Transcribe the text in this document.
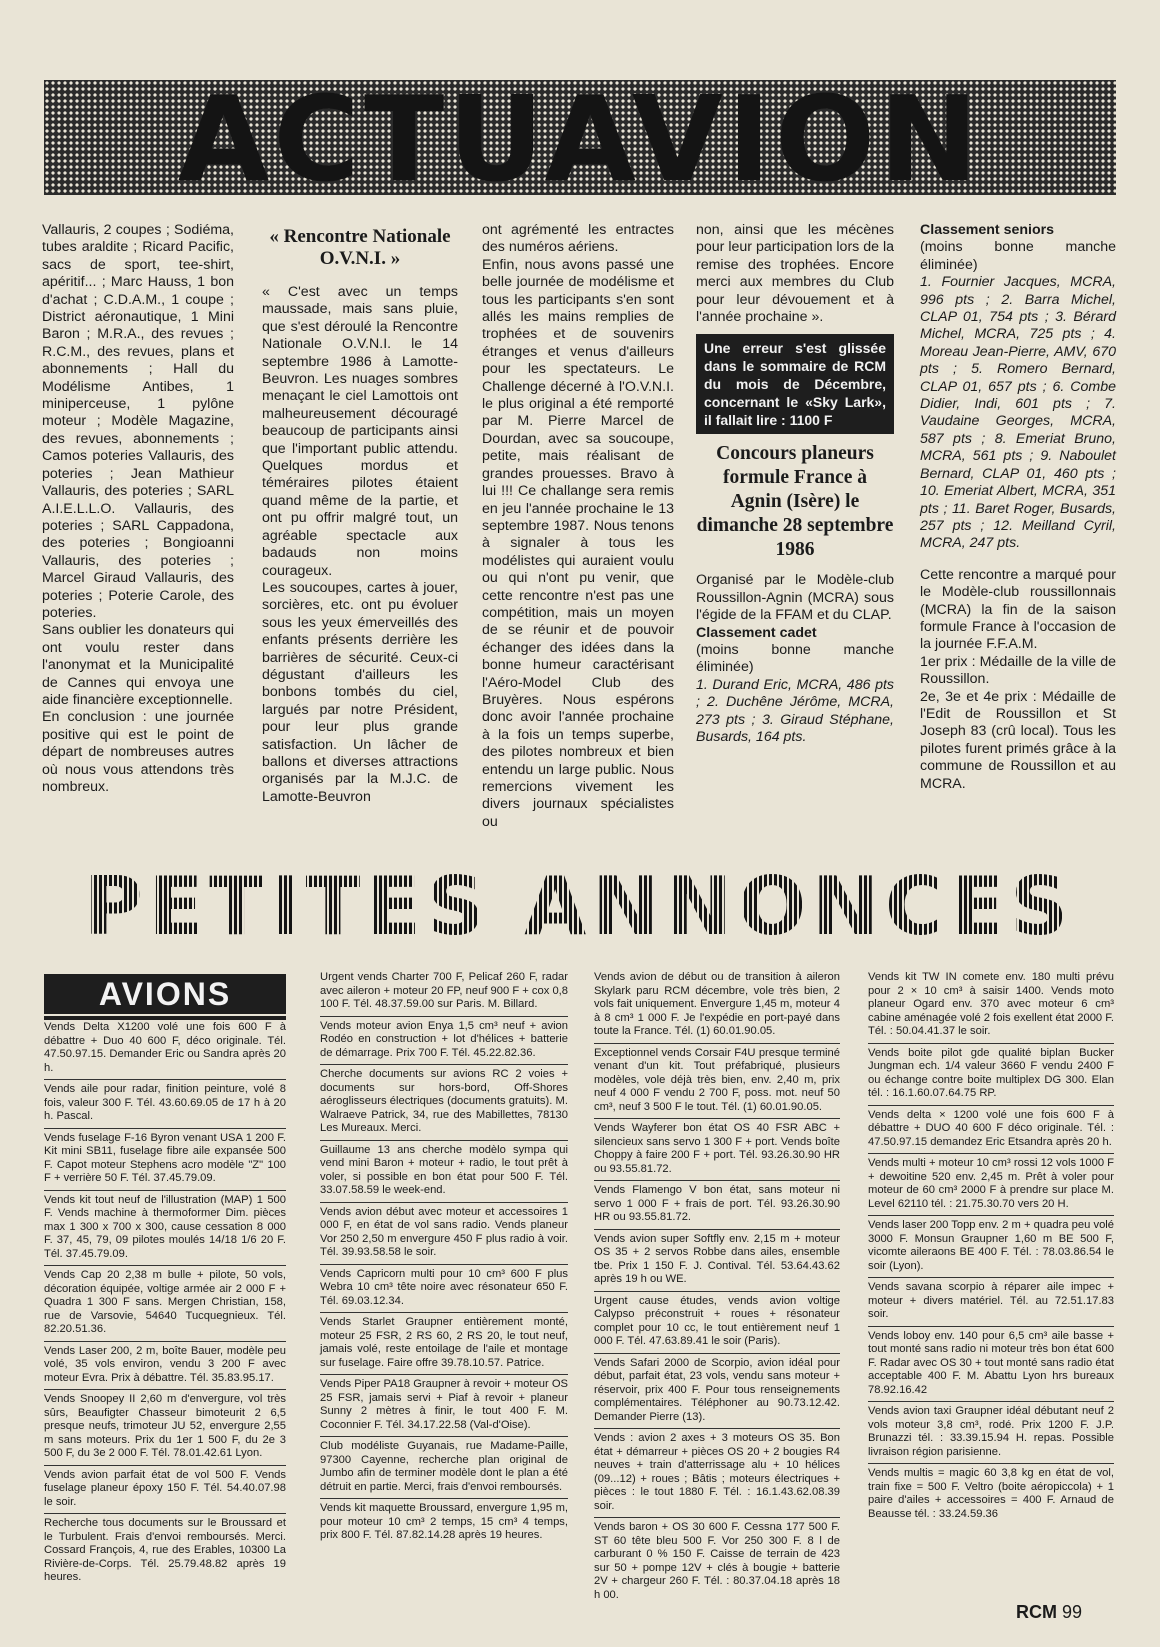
ACTUAVION

Vallauris, 2 coupes ; Sodiéma, tubes araldite ; Ricard Pacific, sacs de sport, tee-shirt, apéritif... ; Marc Hauss, 1 bon d'achat ; C.D.A.M., 1 coupe ; District aéronautique, 1 Mini Baron ; M.R.A., des revues ; R.C.M., des revues, plans et abonnements ; Hall du Modélisme Antibes, 1 miniperceuse, 1 pylône moteur ; Modèle Magazine, des revues, abonnements ; Camos poteries Vallauris, des poteries ; Jean Mathieur Vallauris, des poteries ; SARL A.I.E.L.L.O. Vallauris, des poteries ; SARL Cappadona, des poteries ; Bongioanni Vallauris, des poteries ; Marcel Giraud Vallauris, des poteries ; Poterie Carole, des poteries.

Sans oublier les donateurs qui ont voulu rester dans l'anonymat et la Municipalité de Cannes qui envoya une aide financière exceptionnelle.

En conclusion : une journée positive qui est le point de départ de nombreuses autres où nous vous attendons très nombreux.

« Rencontre Nationale O.V.N.I. »

« C'est avec un temps maussade, mais sans pluie, que s'est déroulé la Rencontre Nationale O.V.N.I. le 14 septembre 1986 à Lamotte-Beuvron. Les nuages sombres menaçant le ciel Lamottois ont malheureusement découragé beaucoup de participants ainsi que l'important public attendu. Quelques mordus et téméraires pilotes étaient quand même de la partie, et ont pu offrir malgré tout, un agréable spectacle aux badauds non moins courageux.

Les soucoupes, cartes à jouer, sorcières, etc. ont pu évoluer sous les yeux émerveillés des enfants présents derrière les barrières de sécurité. Ceux-ci dégustant d'ailleurs les bonbons tombés du ciel, largués par notre Président, pour leur plus grande satisfaction. Un lâcher de ballons et diverses attractions organisés par la M.J.C. de Lamotte-Beuvron

ont agrémenté les entractes des numéros aériens.

Enfin, nous avons passé une belle journée de modélisme et tous les participants s'en sont allés les mains remplies de trophées et de souvenirs étranges et venus d'ailleurs pour les spectateurs. Le Challenge décerné à l'O.V.N.I. le plus original a été remporté par M. Pierre Marcel de Dourdan, avec sa soucoupe, petite, mais réalisant de grandes prouesses. Bravo à lui !!! Ce challange sera remis en jeu l'année prochaine le 13 septembre 1987. Nous tenons à signaler à tous les modélistes qui auraient voulu ou qui n'ont pu venir, que cette rencontre n'est pas une compétition, mais un moyen de se réunir et de pouvoir échanger des idées dans la bonne humeur caractérisant l'Aéro-Model Club des Bruyères. Nous espérons donc avoir l'année prochaine à la fois un temps superbe, des pilotes nombreux et bien entendu un large public. Nous remercions vivement les divers journaux spécialistes ou

non, ainsi que les mécènes pour leur participation lors de la remise des trophées. Encore merci aux membres du Club pour leur dévouement et à l'année prochaine ».

Une erreur s'est glissée dans le sommaire de RCM du mois de Décembre, concernant le «Sky Lark», il fallait lire : 1100 F
Concours planeurs formule France à Agnin (Isère) le dimanche 28 septembre 1986

Organisé par le Modèle-club Roussillon-Agnin (MCRA) sous l'égide de la FFAM et du CLAP.

Classement cadet

(moins bonne manche éliminée)

1. Durand Eric, MCRA, 486 pts ; 2. Duchêne Jérôme, MCRA, 273 pts ; 3. Giraud Stéphane, Busards, 164 pts.

Classement seniors

(moins bonne manche éliminée)

1. Fournier Jacques, MCRA, 996 pts ; 2. Barra Michel, CLAP 01, 754 pts ; 3. Bérard Michel, MCRA, 725 pts ; 4. Moreau Jean-Pierre, AMV, 670 pts ; 5. Romero Bernard, CLAP 01, 657 pts ; 6. Combe Didier, Indi, 601 pts ; 7. Vaudaine Georges, MCRA, 587 pts ; 8. Emeriat Bruno, MCRA, 561 pts ; 9. Naboulet Bernard, CLAP 01, 460 pts ; 10. Emeriat Albert, MCRA, 351 pts ; 11. Baret Roger, Busards, 257 pts ; 12. Meilland Cyril, MCRA, 247 pts.

Cette rencontre a marqué pour le Modèle-club roussillonnais (MCRA) la fin de la saison formule France à l'occasion de la journée F.F.A.M.

1er prix : Médaille de la ville de Roussillon.

2e, 3e et 4e prix : Médaille de l'Edit de Roussillon et St Joseph 83 (crû local). Tous les pilotes furent primés grâce à la commune de Roussillon et au MCRA.

PETITES ANNONCES
AVIONS
Vends Delta X1200 volé une fois 600 F à débattre + Duo 40 600 F, déco originale. Tél. 47.50.97.15. Demander Eric ou Sandra après 20 h.
Vends aile pour radar, finition peinture, volé 8 fois, valeur 300 F. Tél. 43.60.69.05 de 17 h à 20 h. Pascal.
Vends fuselage F-16 Byron venant USA 1 200 F. Kit mini SB11, fuselage fibre aile expansée 500 F. Capot moteur Stephens acro modèle "Z" 100 F + verrière 50 F. Tél. 37.45.79.09.
Vends kit tout neuf de l'illustration (MAP) 1 500 F. Vends machine à thermoformer Dim. pièces max 1 300 x 700 x 300, cause cessation 8 000 F. 37, 45, 79, 09 pilotes moulés 14/18 1/6 20 F. Tél. 37.45.79.09.
Vends Cap 20 2,38 m bulle + pilote, 50 vols, décoration équipée, voltige armée air 2 000 F + Quadra 1 300 F sans. Mergen Christian, 158, rue de Varsovie, 54640 Tucquegnieux. Tél. 82.20.51.36.
Vends Laser 200, 2 m, boîte Bauer, modèle peu volé, 35 vols environ, vendu 3 200 F avec moteur Evra. Prix à débattre. Tél. 35.83.95.17.
Vends Snoopey II 2,60 m d'envergure, vol très sûrs, Beaufigter Chasseur bimoteurit 2 6,5 presque neufs, trimoteur JU 52, envergure 2,55 m sans moteurs. Prix du 1er 1 500 F, du 2e 3 500 F, du 3e 2 000 F. Tél. 78.01.42.61 Lyon.
Vends avion parfait état de vol 500 F. Vends fuselage planeur époxy 150 F. Tél. 54.40.07.98 le soir.
Recherche tous documents sur le Broussard et le Turbulent. Frais d'envoi remboursés. Merci. Cossard François, 4, rue des Erables, 10300 La Rivière-de-Corps. Tél. 25.79.48.82 après 19 heures.
Urgent vends Charter 700 F, Pelicaf 260 F, radar avec aileron + moteur 20 FP, neuf 900 F + cox 0,8 100 F. Tél. 48.37.59.00 sur Paris. M. Billard.
Vends moteur avion Enya 1,5 cm³ neuf + avion Rodéo en construction + lot d'hélices + batterie de démarrage. Prix 700 F. Tél. 45.22.82.36.
Cherche documents sur avions RC 2 voies + documents sur hors-bord, Off-Shores aéroglisseurs électriques (documents gratuits). M. Walraeve Patrick, 34, rue des Mabillettes, 78130 Les Mureaux. Merci.
Guillaume 13 ans cherche modèlo sympa qui vend mini Baron + moteur + radio, le tout prêt à voler, si possible en bon état pour 500 F. Tél. 33.07.58.59 le week-end.
Vends avion début avec moteur et accessoires 1 000 F, en état de vol sans radio. Vends planeur Vor 250 2,50 m envergure 450 F plus radio à voir. Tél. 39.93.58.58 le soir.
Vends Capricorn multi pour 10 cm³ 600 F plus Webra 10 cm³ tête noire avec résonateur 650 F. Tél. 69.03.12.34.
Vends Starlet Graupner entièrement monté, moteur 25 FSR, 2 RS 60, 2 RS 20, le tout neuf, jamais volé, reste entoilage de l'aile et montage sur fuselage. Faire offre 39.78.10.57. Patrice.
Vends Piper PA18 Graupner à revoir + moteur OS 25 FSR, jamais servi + Piaf à revoir + planeur Sunny 2 mètres à finir, le tout 400 F. M. Coconnier F. Tél. 34.17.22.58 (Val-d'Oise).
Club modéliste Guyanais, rue Madame-Paille, 97300 Cayenne, recherche plan original de Jumbo afin de terminer modèle dont le plan a été détruit en partie. Merci, frais d'envoi remboursés.
Vends kit maquette Broussard, envergure 1,95 m, pour moteur 10 cm³ 2 temps, 15 cm³ 4 temps, prix 800 F. Tél. 87.82.14.28 après 19 heures.
Vends avion de début ou de transition à aileron Skylark paru RCM décembre, vole très bien, 2 vols fait uniquement. Envergure 1,45 m, moteur 4 à 8 cm³ 1 000 F. Je l'expédie en port-payé dans toute la France. Tél. (1) 60.01.90.05.
Exceptionnel vends Corsair F4U presque terminé venant d'un kit. Tout préfabriqué, plusieurs modèles, vole déjà très bien, env. 2,40 m, prix neuf 4 000 F vendu 2 700 F, poss. mot. neuf 50 cm³, neuf 3 500 F le tout. Tél. (1) 60.01.90.05.
Vends Wayferer bon état OS 40 FSR ABC + silencieux sans servo 1 300 F + port. Vends boîte Choppy à faire 200 F + port. Tél. 93.26.30.90 HR ou 93.55.81.72.
Vends Flamengo V bon état, sans moteur ni servo 1 000 F + frais de port. Tél. 93.26.30.90 HR ou 93.55.81.72.
Vends avion super Softfly env. 2,15 m + moteur OS 35 + 2 servos Robbe dans ailes, ensemble tbe. Prix 1 150 F. J. Contival. Tél. 53.64.43.62 après 19 h ou WE.
Urgent cause études, vends avion voltige Calypso préconstruit + roues + résonateur complet pour 10 cc, le tout entièrement neuf 1 000 F. Tél. 47.63.89.41 le soir (Paris).
Vends Safari 2000 de Scorpio, avion idéal pour début, parfait état, 23 vols, vendu sans moteur + réservoir, prix 400 F. Pour tous renseignements complémentaires. Téléphoner au 90.73.12.42. Demander Pierre (13).
Vends : avion 2 axes + 3 moteurs OS 35. Bon état + démarreur + pièces OS 20 + 2 bougies R4 neuves + train d'atterrissage alu + 10 hélices (09...12) + roues ; Bâtis ; moteurs électriques + pièces : le tout 1880 F. Tél. : 16.1.43.62.08.39 soir.
Vends baron + OS 30 600 F. Cessna 177 500 F. ST 60 tête bleu 500 F. Vor 250 300 F. 8 l de carburant 0 % 150 F. Caisse de terrain de 423 sur 50 + pompe 12V + clés à bougie + batterie 2V + chargeur 260 F. Tél. : 80.37.04.18 après 18 h 00.
Vends kit TW IN comete env. 180 multi prévu pour 2 × 10 cm³ à saisir 1400. Vends moto planeur Ogard env. 370 avec moteur 6 cm³ cabine aménagée volé 2 fois exellent état 2000 F. Tél. : 50.04.41.37 le soir.
Vends boite pilot gde qualité biplan Bucker Jungman ech. 1/4 valeur 3660 F vendu 2400 F ou échange contre boite multiplex DG 300. Elan tél. : 16.1.60.07.64.75 RP.
Vends delta × 1200 volé une fois 600 F à débattre + DUO 40 600 F déco originale. Tél. : 47.50.97.15 demandez Eric Etsandra après 20 h.
Vends multi + moteur 10 cm³ rossi 12 vols 1000 F + dewoitine 520 env. 2,45 m. Prêt à voler pour moteur de 60 cm³ 2000 F à prendre sur place M. Level 62110 tél. : 21.75.30.70 vers 20 H.
Vends laser 200 Topp env. 2 m + quadra peu volé 3000 F. Monsun Graupner 1,60 m BE 500 F, vicomte aileraons BE 400 F. Tél. : 78.03.86.54 le soir (Lyon).
Vends savana scorpio à réparer aile impec + moteur + divers matériel. Tél. au 72.51.17.83 soir.
Vends loboy env. 140 pour 6,5 cm³ aile basse + tout monté sans radio ni moteur très bon état 600 F. Radar avec OS 30 + tout monté sans radio état acceptable 400 F. M. Abattu Lyon hrs bureaux 78.92.16.42
Vends avion taxi Graupner idéal débutant neuf 2 vols moteur 3,8 cm³, rodé. Prix 1200 F. J.P. Brunazzi tél. : 33.39.15.94 H. repas. Possible livraison région parisienne.
Vends multis = magic 60 3,8 kg en état de vol, train fixe = 500 F. Veltro (boite aéropiccola) + 1 paire d'ailes + accessoires = 400 F. Arnaud de Beausse tél. : 33.24.59.36
RCM 99
